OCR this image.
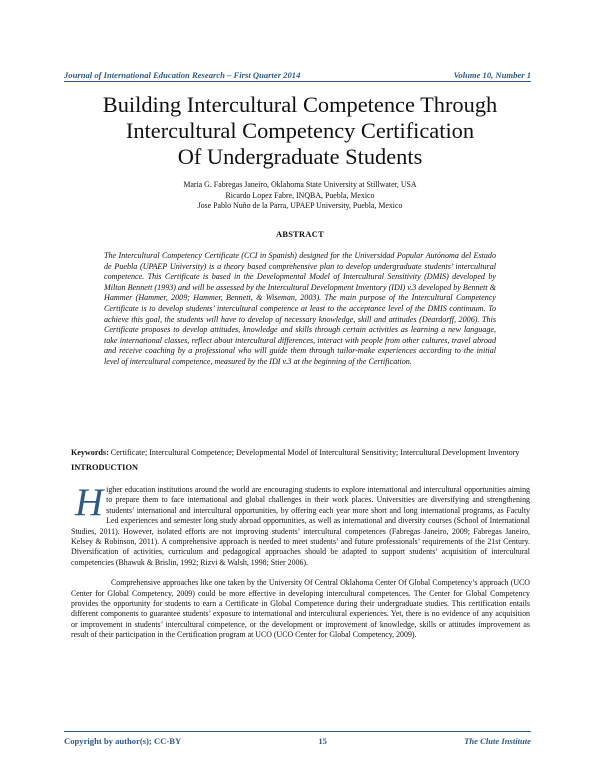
Journal of International Education Research – First Quarter 2014	Volume 10, Number 1
Building Intercultural Competence Through
Intercultural Competency Certification
Of Undergraduate Students
Maria G. Fabregas Janeiro, Oklahoma State University at Stillwater, USA
Ricardo Lopez Fabre, INQBA, Puebla, Mexico
Jose Pablo Nuño de la Parra, UPAEP University, Puebla, Mexico
ABSTRACT
The Intercultural Competency Certificate (CCI in Spanish) designed for the Universidad Popular Autónoma del Estado de Puebla (UPAEP University) is a theory based comprehensive plan to develop undergraduate students’ intercultural competence. This Certificate is based in the Developmental Model of Intercultural Sensitivity (DMIS) developed by Milton Bennett (1993) and will be assessed by the Intercultural Development Inventory (IDI) v.3 developed by Bennett & Hammer (Hammer, 2009; Hammer, Bennett, & Wiseman, 2003). The main purpose of the Intercultural Competency Certificate is to develop students’ intercultural competence at least to the acceptance level of the DMIS continuum. To achieve this goal, the students will have to develop of necessary knowledge, skill and attitudes (Deardorff, 2006). This Certificate proposes to develop attitudes, knowledge and skills through certain activities as learning a new language, take international classes, reflect about intercultural differences, interact with people from other cultures, travel abroad and receive coaching by a professional who will guide them through tailor-make experiences according to the initial level of intercultural competence, measured by the IDI v.3 at the beginning of the Certification.
Keywords: Certificate; Intercultural Competence; Developmental Model of Intercultural Sensitivity; Intercultural Development Inventory
INTRODUCTION

Higher education institutions around the world are encouraging students to explore international and intercultural opportunities aiming to prepare them to face international and global challenges in their work places. Universities are diversifying and strengthening students’ international and intercultural opportunities, by offering each year more short and long international programs, as Faculty Led experiences and semester long study abroad opportunities, as well as international and diversity courses (School of International Studies, 2011). However, isolated efforts are not improving students’ intercultural competences (Fabregas Janeiro, 2009; Fabregas Janeiro, Kelsey & Robinson, 2011). A comprehensive approach is needed to meet students’ and future professionals’ requirements of the 21st Century. Diversification of activities, curriculum and pedagogical approaches should be adapted to support students’ acquisition of intercultural competencies (Bhawuk & Brislin, 1992; Rizvi & Walsh, 1998; Stier 2006).

Comprehensive approaches like one taken by the University Of Central Oklahoma Center Of Global Competency’s approach (UCO Center for Global Competency, 2009) could be more effective in developing intercultural competences. The Center for Global Competency provides the opportunity for students to earn a Certificate in Global Competence during their undergraduate studies. This certification entails different components to guarantee students’ exposure to international and intercultural experiences. Yet, there is no evidence of any acquisition or improvement in students’ intercultural competence, or the development or improvement of knowledge, skills or attitudes improvement as result of their participation in the Certification program at UCO (UCO Center for Global Competency, 2009).

Copyright by author(s); CC-BY	15	The Clute Institute
